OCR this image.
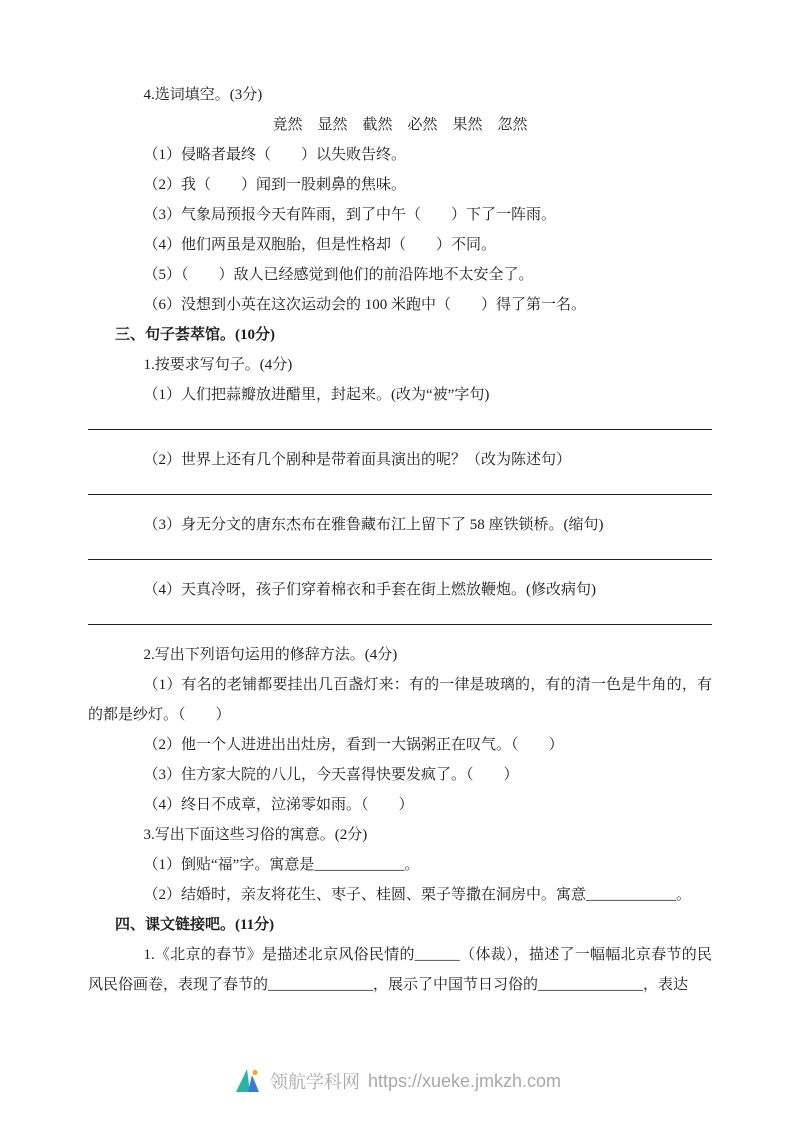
4.选词填空。(3分)

竟然　显然　截然　必然　果然　忽然

（1）侵略者最终（　　）以失败告终。

（2）我（　　）闻到一股刺鼻的焦味。

（3）气象局预报今天有阵雨，到了中午（　　）下了一阵雨。

（4）他们两虽是双胞胎，但是性格却（　　）不同。

（5）（　　）敌人已经感觉到他们的前沿阵地不太安全了。

（6）没想到小英在这次运动会的 100 米跑中（　　）得了第一名。

三、句子荟萃馆。(10分)

1.按要求写句子。(4分)

（1）人们把蒜瓣放进醋里，封起来。(改为“被”字句)

（2）世界上还有几个剧种是带着面具演出的呢？（改为陈述句）

（3）身无分文的唐东杰布在雅鲁藏布江上留下了 58 座铁锁桥。(缩句)

（4）天真冷呀，孩子们穿着棉衣和手套在街上燃放鞭炮。(修改病句)

2.写出下列语句运用的修辞方法。(4分)

（1）有名的老铺都要挂出几百盏灯来：有的一律是玻璃的，有的清一色是牛角的，有的都是纱灯。（　　）

（2）他一个人进进出出灶房，看到一大锅粥正在叹气。（　　）

（3）住方家大院的八儿，今天喜得快要发疯了。（　　）

（4）终日不成章，泣涕零如雨。（　　）

3.写出下面这些习俗的寓意。(2分)

（1）倒贴“福”字。寓意是____________。

（2）结婚时，亲友将花生、枣子、桂圆、栗子等撒在洞房中。寓意____________。

四、课文链接吧。(11分)

1.《北京的春节》是描述北京风俗民情的______（体裁），描述了一幅幅北京春节的民风民俗画卷，表现了春节的______________，展示了中国节日习俗的______________，表达

领航学科网 https://xueke.jmkzh.com
